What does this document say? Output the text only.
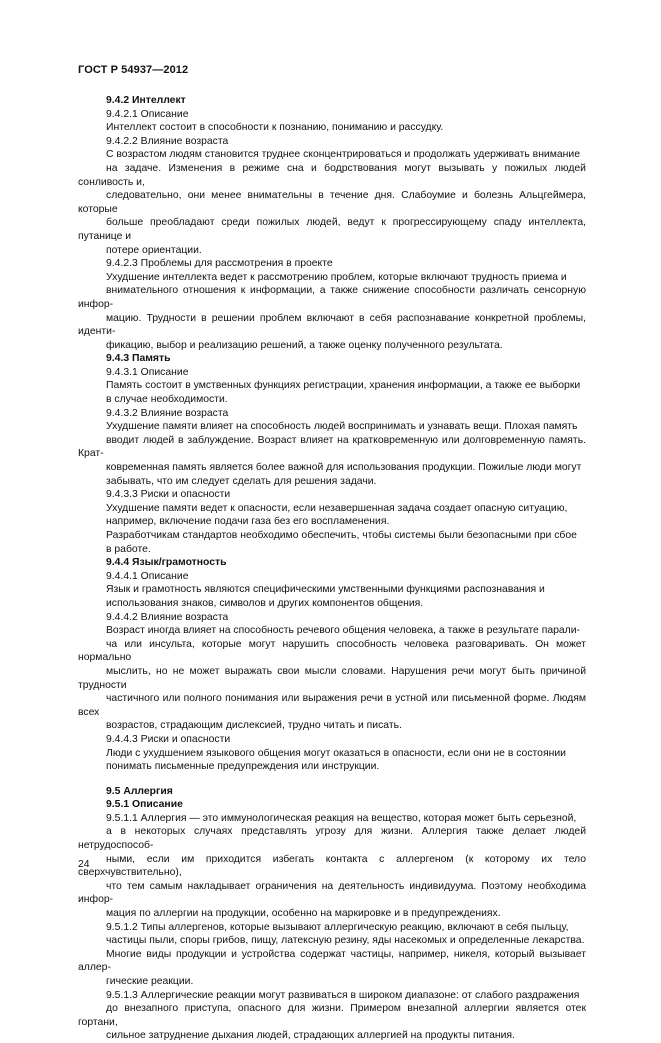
ГОСТ Р 54937—2012
9.4.2 Интеллект
9.4.2.1 Описание
Интеллект состоит в способности к познанию, пониманию и рассудку.
9.4.2.2 Влияние возраста
С возрастом людям становится труднее сконцентрироваться и продолжать удерживать внимание
на задаче. Изменения в режиме сна и бодрствования могут вызывать у пожилых людей сонливость и,
следовательно, они менее внимательны в течение дня. Слабоумие и болезнь Альцгеймера, которые
больше преобладают среди пожилых людей, ведут к прогрессирующему спаду интеллекта, путанице и
потере ориентации.
9.4.2.3 Проблемы для рассмотрения в проекте
Ухудшение интеллекта ведет к рассмотрению проблем, которые включают трудность приема и
внимательного отношения к информации, а также снижение способности различать сенсорную инфор-
мацию. Трудности в решении проблем включают в себя распознавание конкретной проблемы, иденти-
фикацию, выбор и реализацию решений, а также оценку полученного результата.
9.4.3 Память
9.4.3.1 Описание
Память состоит в умственных функциях регистрации, хранения информации, а также ее выборки
в случае необходимости.
9.4.3.2 Влияние возраста
Ухудшение памяти влияет на способность людей воспринимать и узнавать вещи. Плохая память
вводит людей в заблуждение. Возраст влияет на кратковременную или долговременную память. Крат-
ковременная память является более важной для использования продукции. Пожилые люди могут
забывать, что им следует сделать для решения задачи.
9.4.3.3 Риски и опасности
Ухудшение памяти ведет к опасности, если незавершенная задача создает опасную ситуацию,
например, включение подачи газа без его воспламенения.
Разработчикам стандартов необходимо обеспечить, чтобы системы были безопасными при сбое
в работе.
9.4.4 Язык/грамотность
9.4.4.1 Описание
Язык и грамотность являются специфическими умственными функциями распознавания и
использования знаков, символов и других компонентов общения.
9.4.4.2 Влияние возраста
Возраст иногда влияет на способность речевого общения человека, а также в результате парали-
ча или инсульта, которые могут нарушить способность человека разговаривать. Он может нормально
мыслить, но не может выражать свои мысли словами. Нарушения речи могут быть причиной трудности
частичного или полного понимания или выражения речи в устной или письменной форме. Людям всех
возрастов, страдающим дислексией, трудно читать и писать.
9.4.4.3 Риски и опасности
Люди с ухудшением языкового общения могут оказаться в опасности, если они не в состоянии
понимать письменные предупреждения или инструкции.
9.5 Аллергия
9.5.1 Описание
9.5.1.1 Аллергия — это иммунологическая реакция на вещество, которая может быть серьезной,
а в некоторых случаях представлять угрозу для жизни. Аллергия также делает людей нетрудоспособ-
ными, если им приходится избегать контакта с аллергеном (к которому их тело сверхчувствительно),
что тем самым накладывает ограничения на деятельность индивидуума. Поэтому необходима инфор-
мация по аллергии на продукции, особенно на маркировке и в предупреждениях.
9.5.1.2 Типы аллергенов, которые вызывают аллергическую реакцию, включают в себя пыльцу,
частицы пыли, споры грибов, пищу, латексную резину, яды насекомых и определенные лекарства.
Многие виды продукции и устройства содержат частицы, например, никеля, который вызывает аллер-
гические реакции.
9.5.1.3 Аллергические реакции могут развиваться в широком диапазоне: от слабого раздражения
до внезапного приступа, опасного для жизни. Примером внезапной аллергии является отек гортани,
сильное затруднение дыхания людей, страдающих аллергией на продукты питания.
24
